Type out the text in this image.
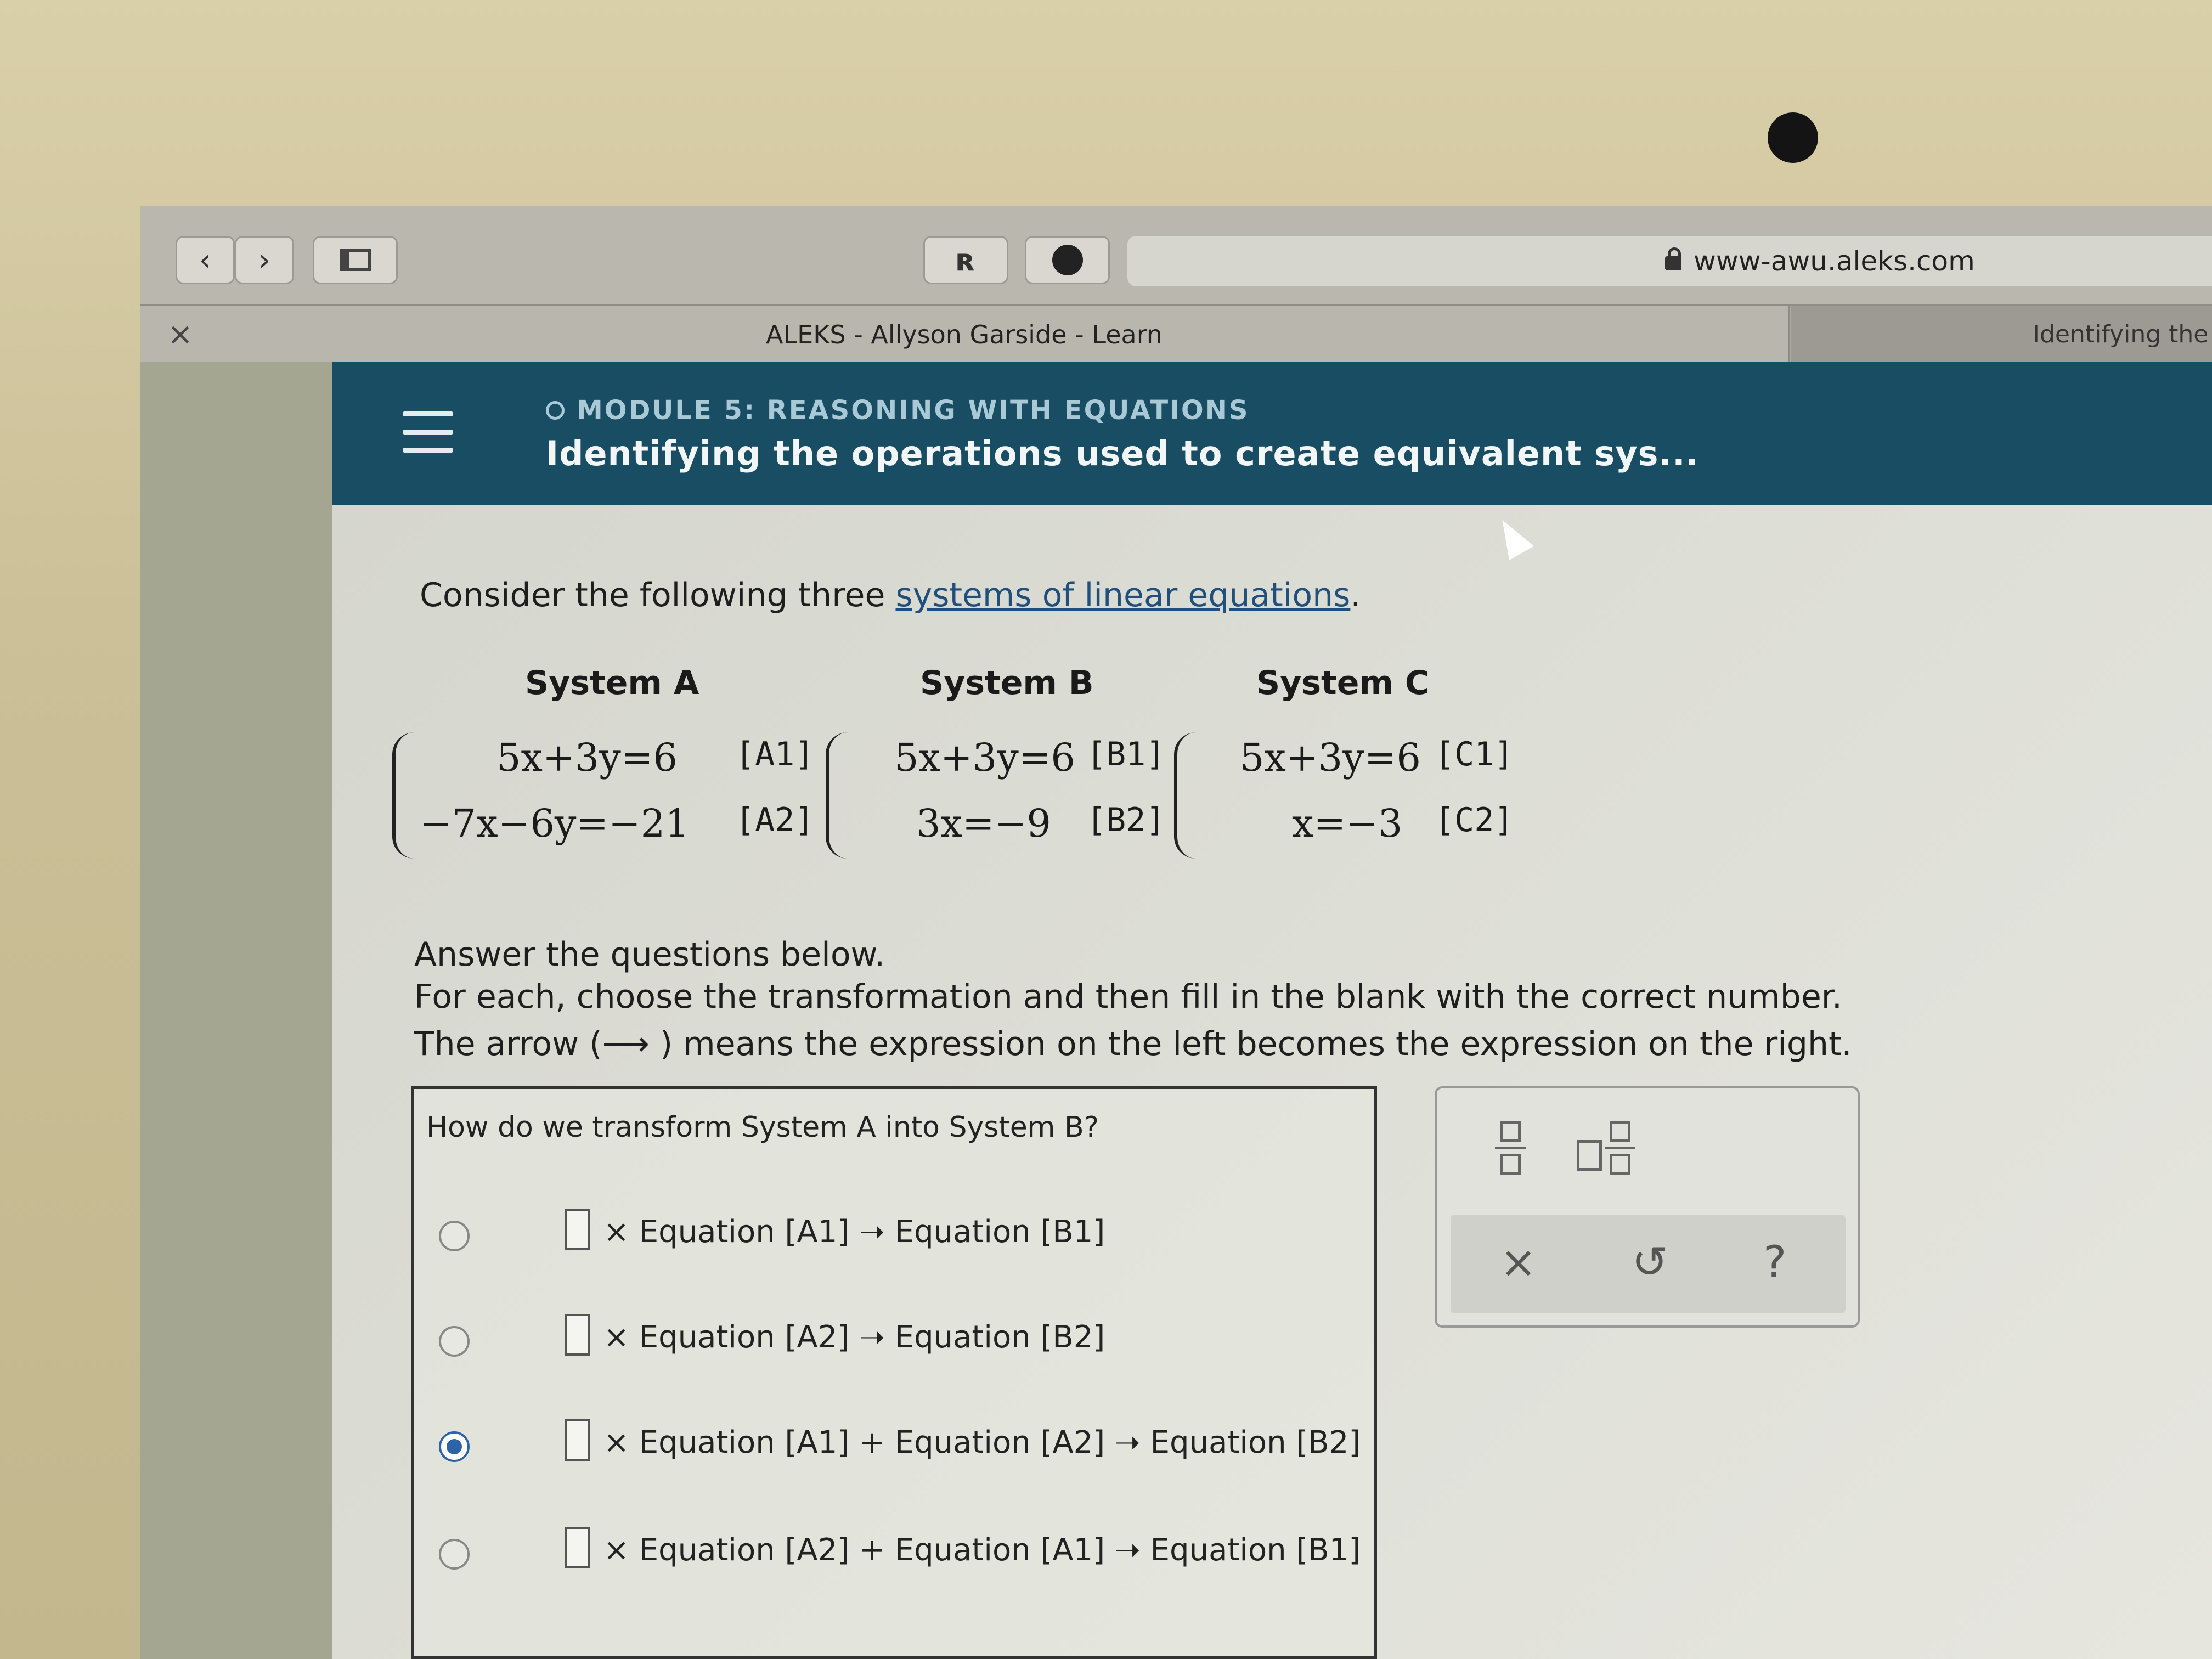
‹ ›	ʀ	www-awu.aleks.com
×	ALEKS - Allyson Garside - Learn	Identifying the
MODULE 5: REASONING WITH EQUATIONS
Identifying the operations used to create equivalent sys...
Consider the following three systems of linear equations.
System A
5x+3y=6 [A1]
−7x−6y=−21 [A2]
System B
5x+3y=6 [B1]
3x=−9 [B2]
System C
5x+3y=6 [C1]
x=−3 [C2]
Answer the questions below.
For each, choose the transformation and then fill in the blank with the correct number.
The arrow (⟶ ) means the expression on the left becomes the expression on the right.
How do we transform System A into System B?
× Equation [A1] ➝ Equation [B1]
× Equation [A2] ➝ Equation [B2]
× Equation [A1] + Equation [A2] ➝ Equation [B2]
× Equation [A2] + Equation [A1] ➝ Equation [B1]
× ↺ ?
